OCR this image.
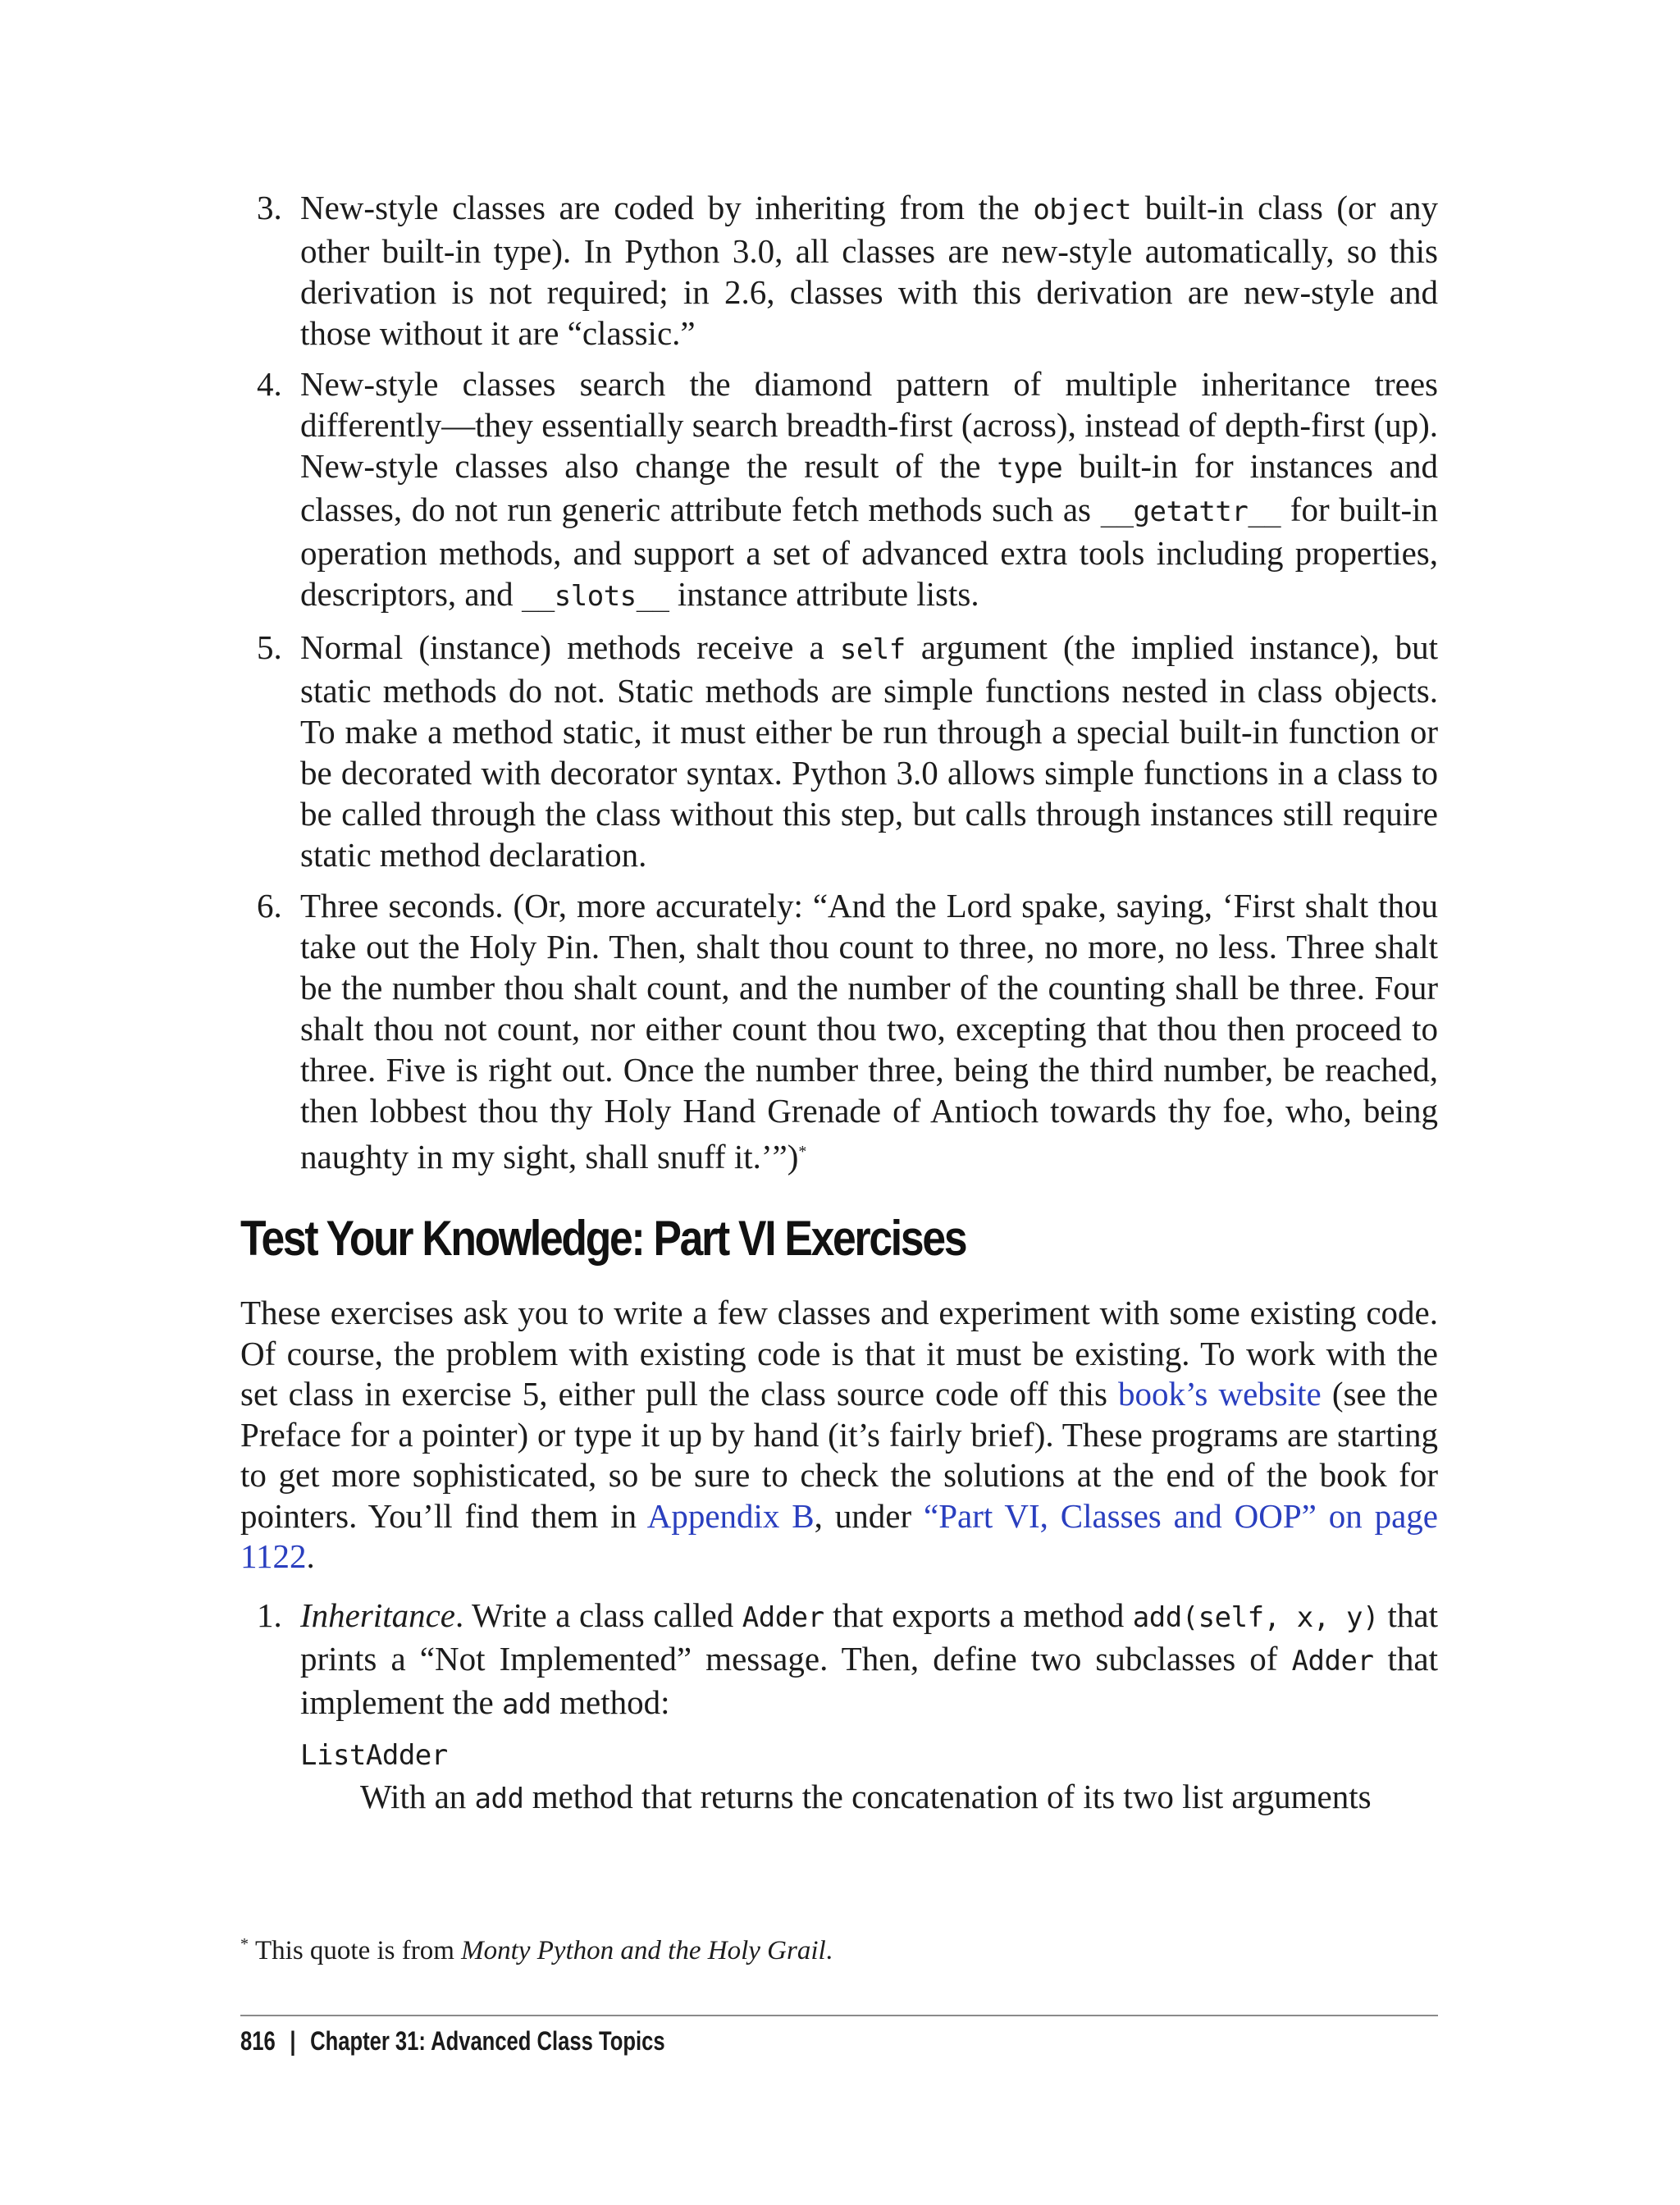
3. New-style classes are coded by inheriting from the object built-in class (or any other built-in type). In Python 3.0, all classes are new-style automatically, so this derivation is not required; in 2.6, classes with this derivation are new-style and those without it are “classic.”
4. New-style classes search the diamond pattern of multiple inheritance trees differently—they essentially search breadth-first (across), instead of depth-first (up). New-style classes also change the result of the type built-in for instances and classes, do not run generic attribute fetch methods such as __getattr__ for built-in operation methods, and support a set of advanced extra tools including properties, descriptors, and __slots__ instance attribute lists.
5. Normal (instance) methods receive a self argument (the implied instance), but static methods do not. Static methods are simple functions nested in class objects. To make a method static, it must either be run through a special built-in function or be decorated with decorator syntax. Python 3.0 allows simple functions in a class to be called through the class without this step, but calls through instances still require static method declaration.
6. Three seconds. (Or, more accurately: “And the Lord spake, saying, ‘First shalt thou take out the Holy Pin. Then, shalt thou count to three, no more, no less. Three shalt be the number thou shalt count, and the number of the counting shall be three. Four shalt thou not count, nor either count thou two, excepting that thou then proceed to three. Five is right out. Once the number three, being the third number, be reached, then lobbest thou thy Holy Hand Grenade of Antioch towards thy foe, who, being naughty in my sight, shall snuff it.’”)*
Test Your Knowledge: Part VI Exercises
These exercises ask you to write a few classes and experiment with some existing code. Of course, the problem with existing code is that it must be existing. To work with the set class in exercise 5, either pull the class source code off this book’s website (see the Preface for a pointer) or type it up by hand (it’s fairly brief). These programs are starting to get more sophisticated, so be sure to check the solutions at the end of the book for pointers. You’ll find them in Appendix B, under “Part VI, Classes and OOP” on page 1122.
1. Inheritance. Write a class called Adder that exports a method add(self, x, y) that prints a “Not Implemented” message. Then, define two subclasses of Adder that implement the add method:
ListAdder
With an add method that returns the concatenation of its two list arguments
* This quote is from Monty Python and the Holy Grail.
816 | Chapter 31: Advanced Class Topics
